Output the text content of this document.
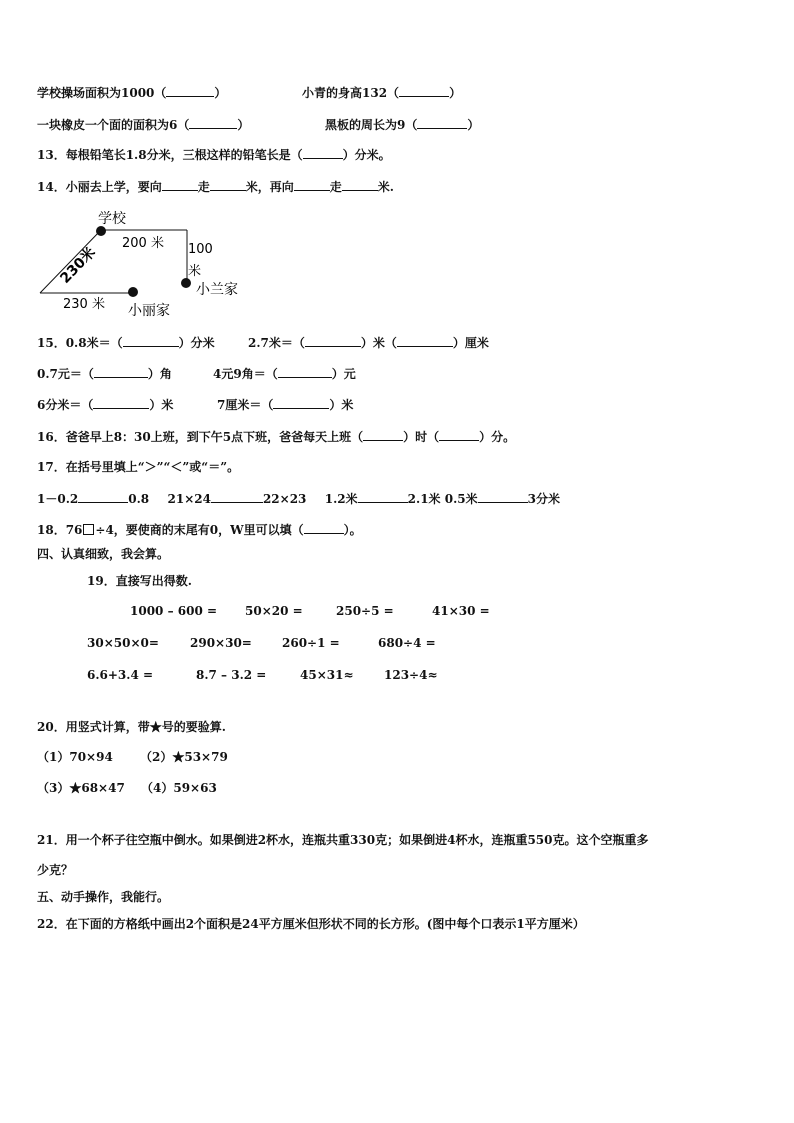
学校操场面积为1000（	）	小青的身高132（	）
一块橡皮一个面的面积为6（	）	黑板的周长为9（	）
13．每根铅笔长1.8分米，三根这样的铅笔长是（	）分米。
14．小丽去上学，要向	走	米，再向	走	米.
学校
200 米 100
米
小兰家
230米
230 米 小丽家
15．0.8米＝（	）分米	2.7米＝（	）米（	）厘米
0.7元＝（	）角	4元9角＝（	）元
6分米＝（	）米	7厘米＝（	）米
16．爸爸早上8：30上班，到下午5点下班，爸爸每天上班（	）时（	）分。
17．在括号里填上“＞”“＜”或“＝”。
1－0.2	0.8 21×24	22×23 1.2米	2.1米 0.5米	3分米
18．76 ÷4，要使商的末尾有0，W里可以填（	）。
四、认真细致，我会算。
19．直接写出得数.
1000 – 600 = 50×20 =	250÷5 =	41×30 =
30×50×0=	290×30=	260÷1 =	680÷4 =
6.6+3.4 =	8.7 – 3.2 =	45×31≈	123÷4≈
20．用竖式计算，带★号的要验算.
（1）70×94 （2）★53×79
（3）★68×47 （4）59×63
21．用一个杯子往空瓶中倒水。如果倒进2杯水，连瓶共重330克；如果倒进4杯水，连瓶重550克。这个空瓶重多
少克？
五、动手操作，我能行。
22．在下面的方格纸中画出2个面积是24平方厘米但形状不同的长方形。(图中每个口表示1平方厘米）
